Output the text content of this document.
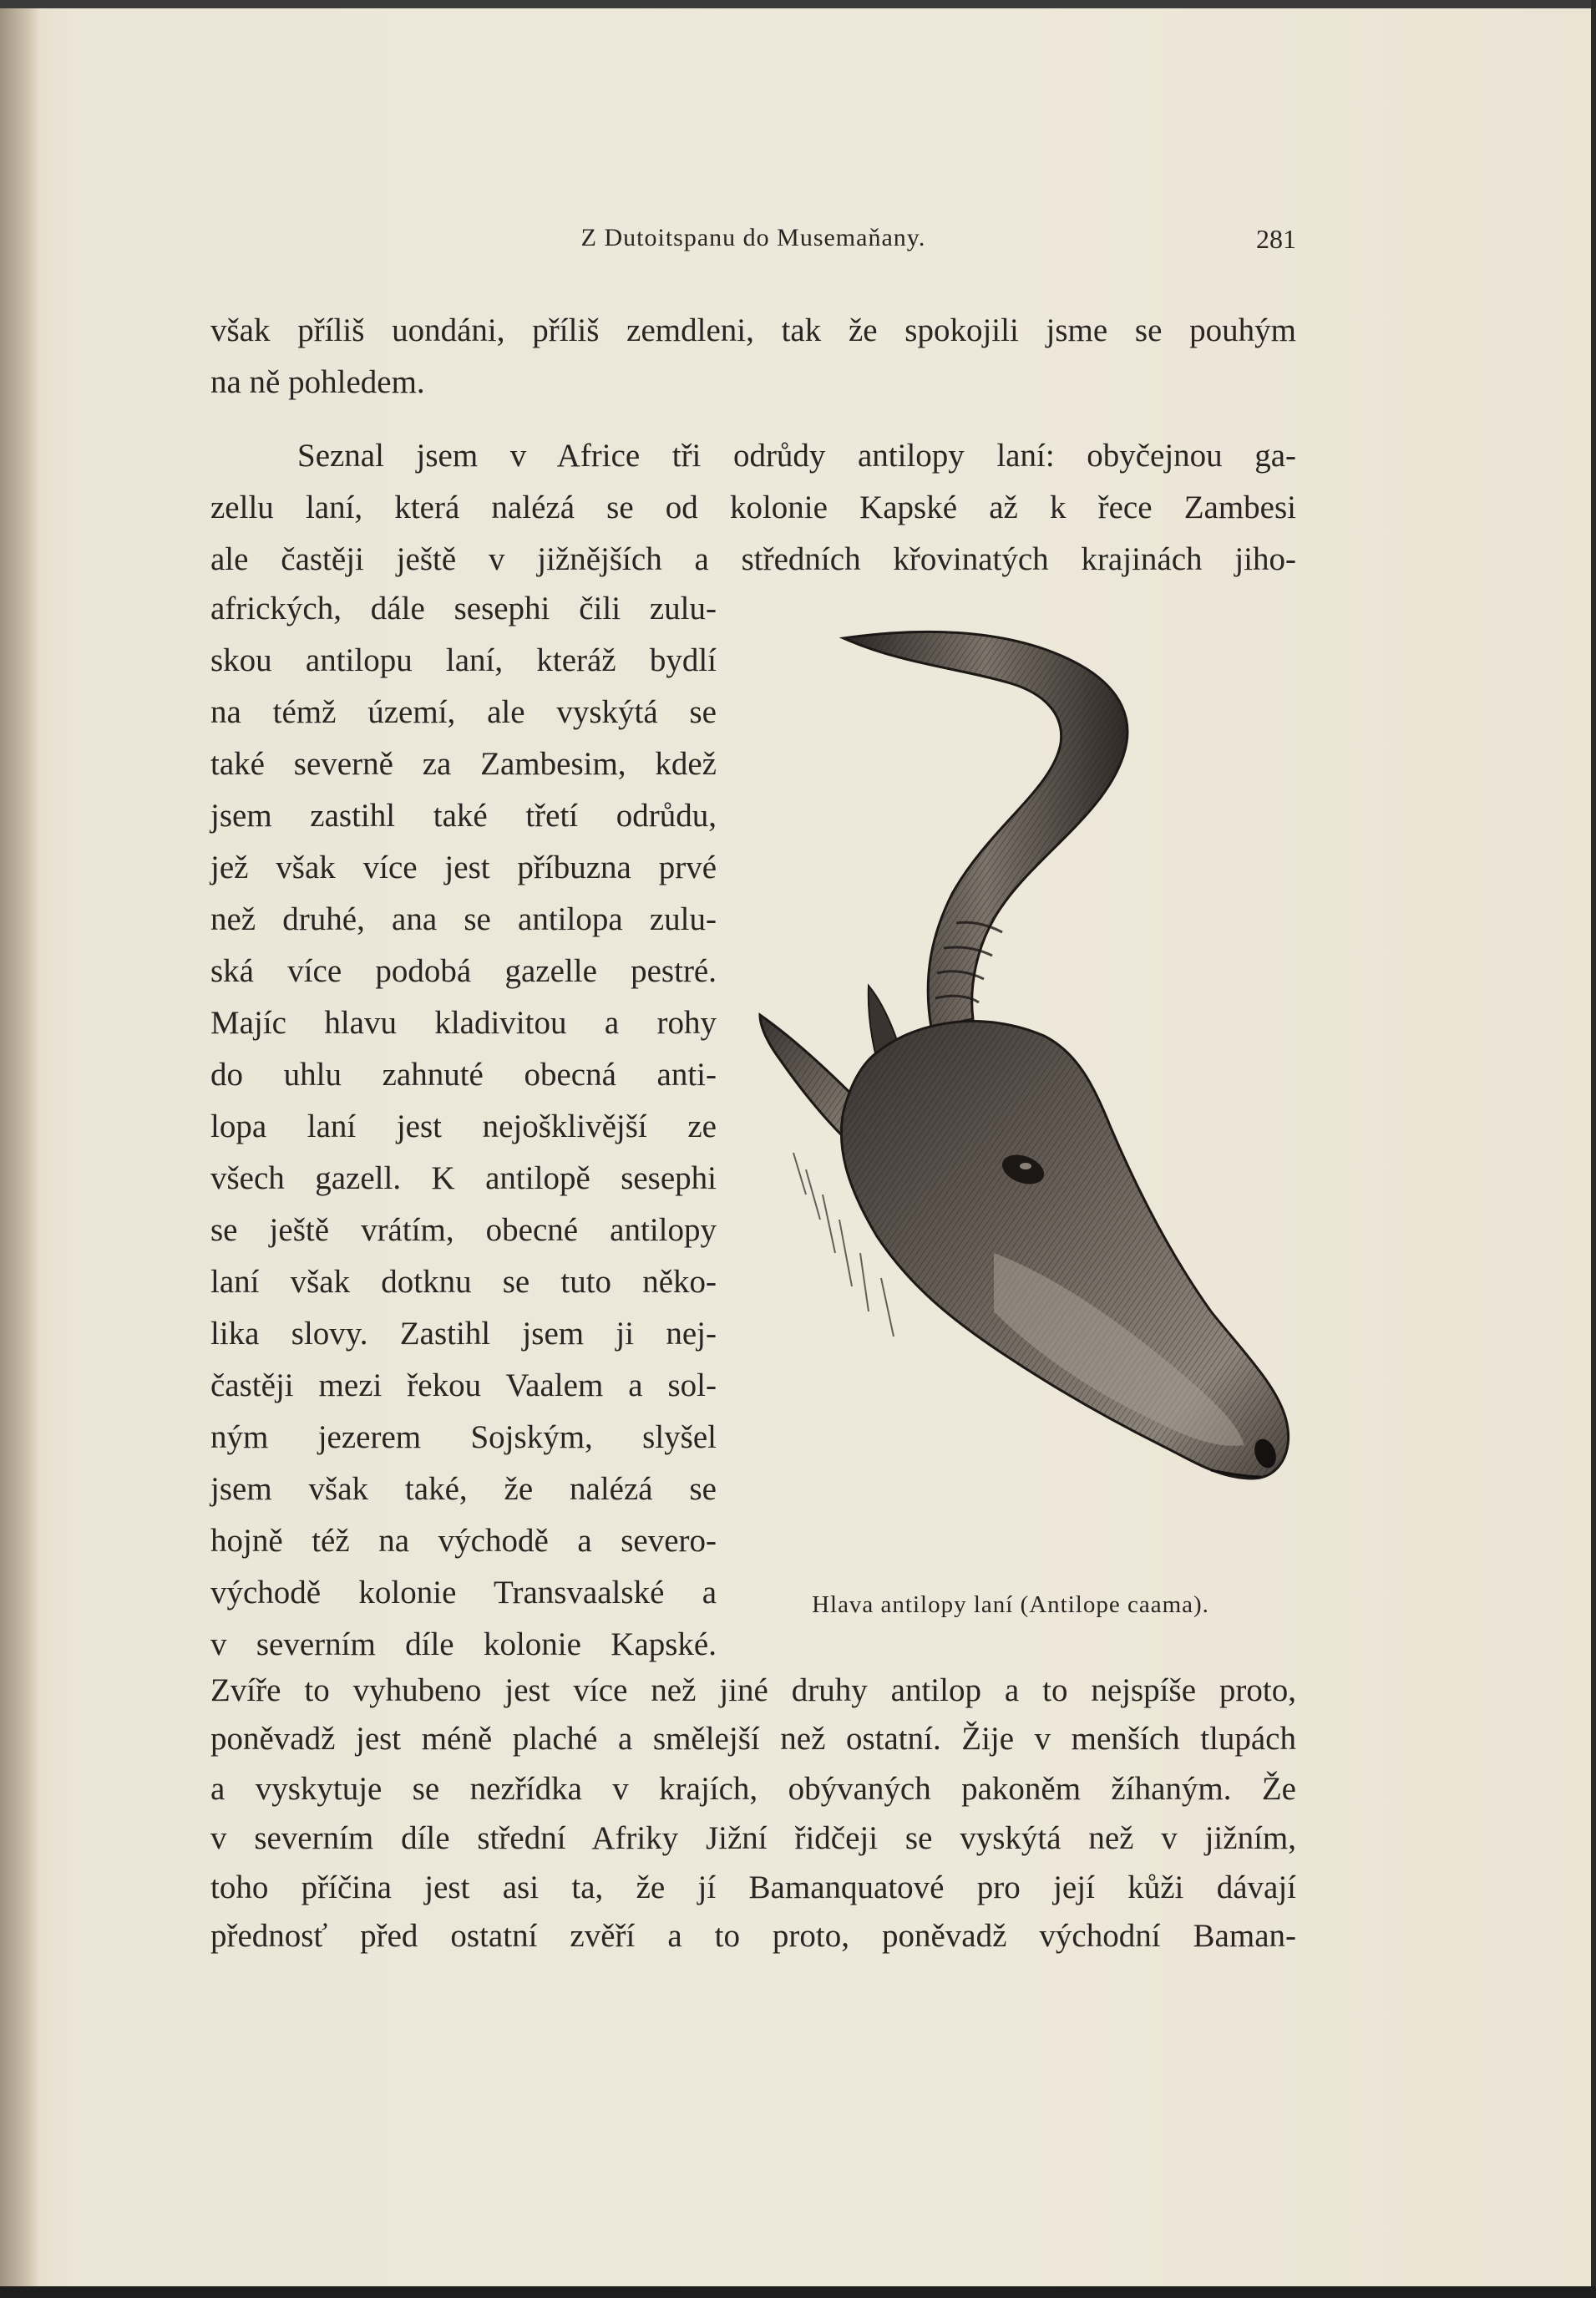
Z Dutoitspanu do Musemaňany.	281
však příliš uondáni, příliš zemdleni, tak že spokojili jsme se pouhým
na ně pohledem.
Seznal jsem v Africe tři odrůdy antilopy laní: obyčejnou ga-
zellu laní, která nalézá se od kolonie Kapské až k řece Zambesi
ale častěji ještě v jižnějších a středních křovinatých krajinách jiho-
afrických, dále sesephi čili zulu-
skou antilopu laní, kteráž bydlí
na témž území, ale vyskýtá se
také severně za Zambesim, kdež
jsem zastihl také třetí odrůdu,
jež však více jest příbuzna prvé
než druhé, ana se antilopa zulu-
ská více podobá gazelle pestré.
Majíc hlavu kladivitou a rohy
do uhlu zahnuté obecná anti-
lopa laní jest nejošklivější ze
všech gazell. K antilopě sesephi
se ještě vrátím, obecné antilopy
laní však dotknu se tuto něko-
lika slovy. Zastihl jsem ji nej-
častěji mezi řekou Vaalem a sol-
ným jezerem Sojským, slyšel
jsem však také, že nalézá se
hojně též na východě a severo-
východě kolonie Transvaalské a
v severním díle kolonie Kapské.
Zvíře to vyhubeno jest více než jiné druhy antilop a to nejspíše proto,
poněvadž jest méně plaché a smělejší než ostatní. Žije v menších tlupách
a vyskytuje se nezřídka v krajích, obývaných pakoněm žíhaným. Že
v severním díle střední Afriky Jižní řidčeji se vyskýtá než v jižním,
toho příčina jest asi ta, že jí Bamanquatové pro její kůži dávají
přednosť před ostatní zvěří a to proto, poněvadž východní Baman-
Hlava antilopy laní (Antilope caama).
